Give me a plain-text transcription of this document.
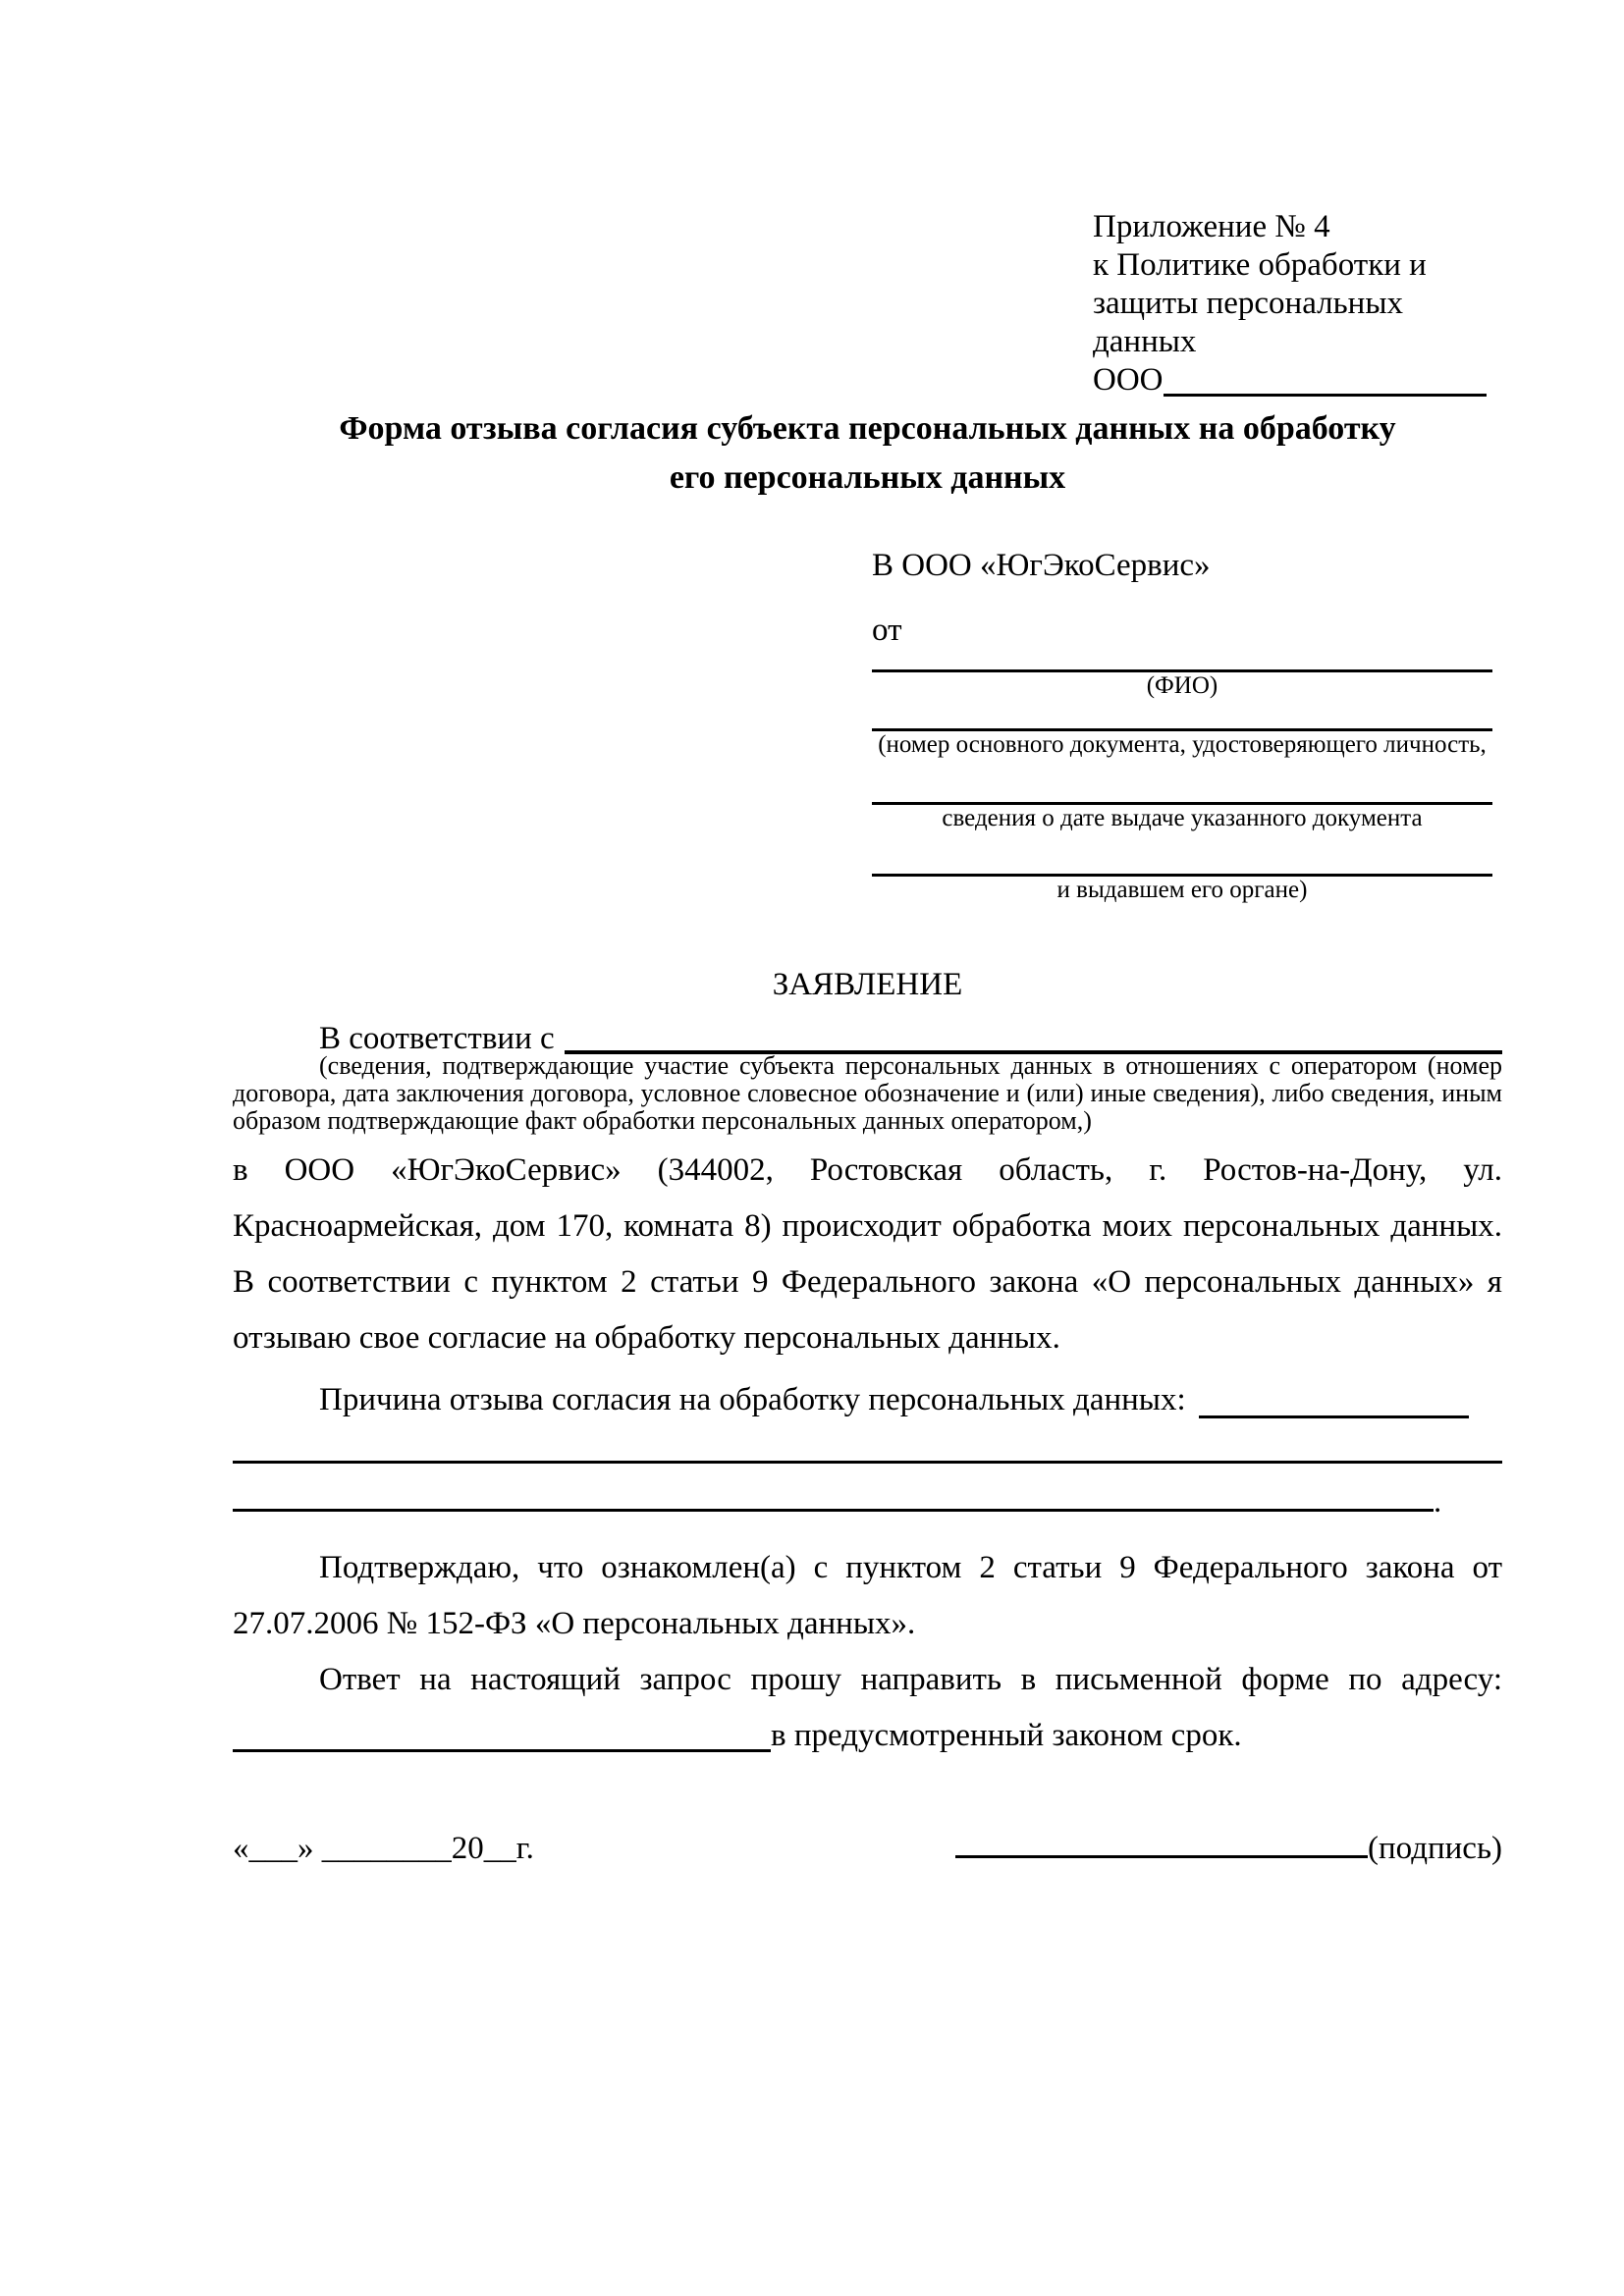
Приложение № 4
к Политике обработки и
защиты персональных данных
ООО
Форма отзыва согласия субъекта персональных данных на обработку
его персональных данных
В ООО «ЮгЭкоСервис»
от
(ФИО)
(номер основного документа, удостоверяющего личность,
сведения о дате выдаче указанного документа
и выдавшем его органе)
ЗАЯВЛЕНИЕ
В соответствии с
(сведения, подтверждающие участие субъекта персональных данных в отношениях с оператором (номер договора, дата заключения договора, условное словесное обозначение и (или) иные сведения), либо сведения, иным образом подтверждающие факт обработки персональных данных оператором,)
в ООО «ЮгЭкоСервис» (344002, Ростовская область, г. Ростов-на-Дону, ул. Красноармейская, дом 170, комната 8) происходит обработка моих персональных данных. В соответствии с пунктом 2 статьи 9 Федерального закона «О персональных данных» я отзываю свое согласие на обработку персональных данных.
Причина отзыва согласия на обработку персональных данных:
.
Подтверждаю, что ознакомлен(а) с пунктом 2 статьи 9 Федерального закона от 27.07.2006 № 152-ФЗ «О персональных данных».
Ответ на настоящий запрос прошу направить в письменной форме по адресу:
в предусмотренный законом срок.
«___» ________20__г.	(подпись)
